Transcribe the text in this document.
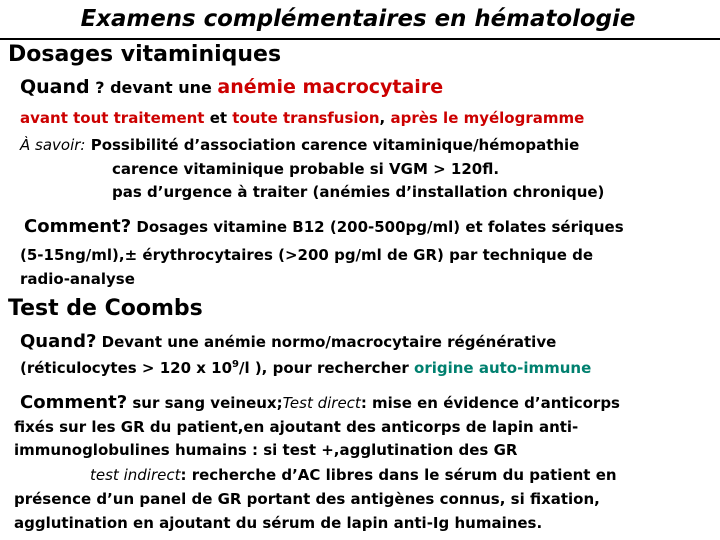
Examens complémentaires en hématologie
Dosages vitaminiques
Quand ? devant une anémie macrocytaire
avant tout traitement et toute transfusion, après le myélogramme
À savoir: Possibilité d’association carence vitaminique/hémopathie
carence vitaminique probable si VGM > 120fl.
pas d’urgence à traiter (anémies d’installation chronique)
Comment? Dosages vitamine B12 (200-500pg/ml) et folates sériques
(5-15ng/ml),± érythrocytaires (>200 pg/ml de GR) par technique de
radio-analyse
Test de Coombs
Quand? Devant une anémie normo/macrocytaire régénérative
(réticulocytes > 120 x $10^9/l$ ), pour rechercher origine auto-immune
Comment? sur sang veineux;Test direct: mise en évidence d’anticorps
fixés sur les GR du patient,en ajoutant des anticorps de lapin anti-
immunoglobulines humains : si test +,agglutination des GR
test indirect: recherche d’AC libres dans le sérum du patient en
présence d’un panel de GR portant des antigènes connus, si fixation,
agglutination en ajoutant du sérum de lapin anti-Ig humaines.
